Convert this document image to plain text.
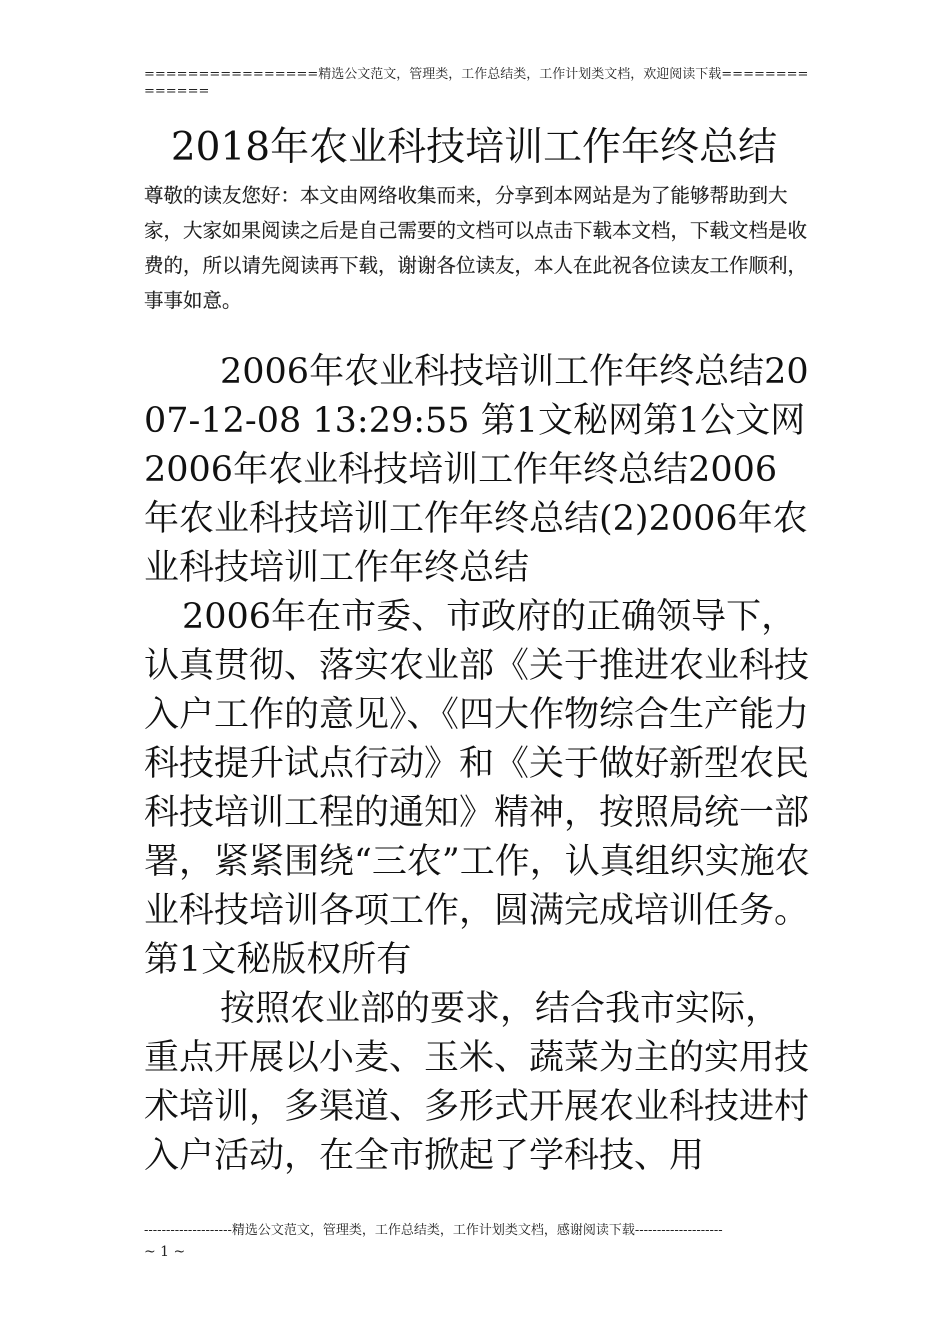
================精选公文范文，管理类，工作总结类，工作计划类文档，欢迎阅读下载==============
2018年农业科技培训工作年终总结
尊敬的读友您好：本文由网络收集而来，分享到本网站是为了能够帮助到大家，大家如果阅读之后是自己需要的文档可以点击下载本文档，下载文档是收费的，所以请先阅读再下载，谢谢各位读友，本人在此祝各位读友工作顺利，事事如意。

2006年农业科技培训工作年终总结2007-12-08 13:29:55 第1文秘网第1公文网2006年农业科技培训工作年终总结2006年农业科技培训工作年终总结(2)2006年农业科技培训工作年终总结

2006年在市委、市政府的正确领导下，认真贯彻、落实农业部《关于推进农业科技入户工作的意见》、《四大作物综合生产能力科技提升试点行动》和《关于做好新型农民科技培训工程的通知》精神，按照局统一部署，紧紧围绕“三农”工作，认真组织实施农业科技培训各项工作，圆满完成培训任务。第1文秘版权所有

按照农业部的要求，结合我市实际，重点开展以小麦、玉米、蔬菜为主的实用技术培训，多渠道、多形式开展农业科技进村入户活动，在全市掀起了学科技、用

--------------------精选公文范文，管理类，工作总结类，工作计划类文档，感谢阅读下载--------------------
~ 1 ~
